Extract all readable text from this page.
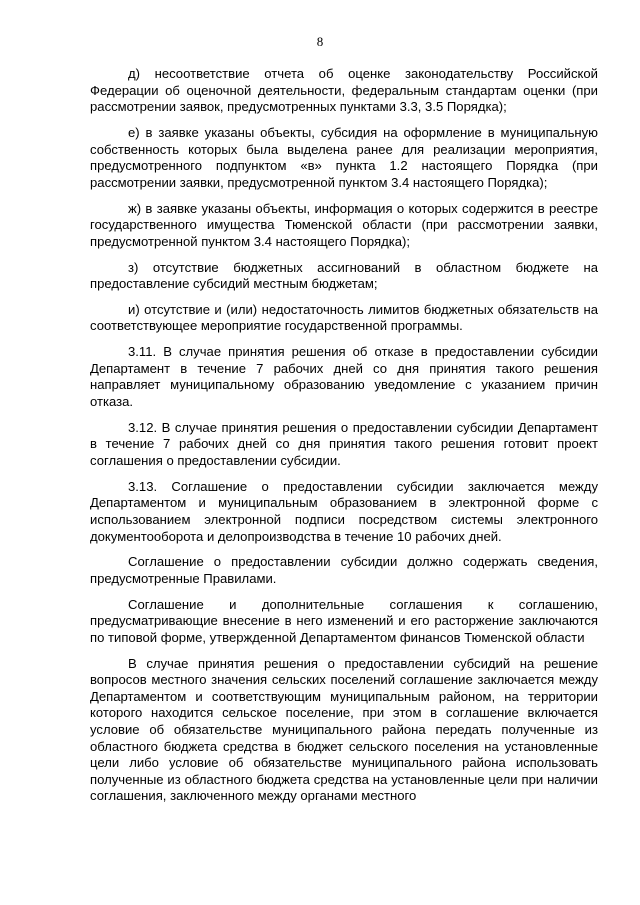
8

д) несоответствие отчета об оценке законодательству Российской Федерации об оценочной деятельности, федеральным стандартам оценки (при рассмотрении заявок, предусмотренных пунктами 3.3, 3.5 Порядка);

е) в заявке указаны объекты, субсидия на оформление в муниципальную собственность которых была выделена ранее для реализации мероприятия, предусмотренного подпунктом «в» пункта 1.2 настоящего Порядка (при рассмотрении заявки, предусмотренной пунктом 3.4 настоящего Порядка);

ж) в заявке указаны объекты, информация о которых содержится в реестре государственного имущества Тюменской области (при рассмотрении заявки, предусмотренной пунктом 3.4 настоящего Порядка);

з) отсутствие бюджетных ассигнований в областном бюджете на предоставление субсидий местным бюджетам;

и) отсутствие и (или) недостаточность лимитов бюджетных обязательств на соответствующее мероприятие государственной программы.

3.11. В случае принятия решения об отказе в предоставлении субсидии Департамент в течение 7 рабочих дней со дня принятия такого решения направляет муниципальному образованию уведомление с указанием причин отказа.

3.12. В случае принятия решения о предоставлении субсидии Департамент в течение 7 рабочих дней со дня принятия такого решения готовит проект соглашения о предоставлении субсидии.

3.13. Соглашение о предоставлении субсидии заключается между Департаментом и муниципальным образованием в электронной форме с использованием электронной подписи посредством системы электронного документооборота и делопроизводства в течение 10 рабочих дней.

Соглашение о предоставлении субсидии должно содержать сведения, предусмотренные Правилами.

Соглашение и дополнительные соглашения к соглашению, предусматривающие внесение в него изменений и его расторжение заключаются по типовой форме, утвержденной Департаментом финансов Тюменской области

В случае принятия решения о предоставлении субсидий на решение вопросов местного значения сельских поселений соглашение заключается между Департаментом и соответствующим муниципальным районом, на территории которого находится сельское поселение, при этом в соглашение включается условие об обязательстве муниципального района передать полученные из областного бюджета средства в бюджет сельского поселения на установленные цели либо условие об обязательстве муниципального района использовать полученные из областного бюджета средства на установленные цели при наличии соглашения, заключенного между органами местного
